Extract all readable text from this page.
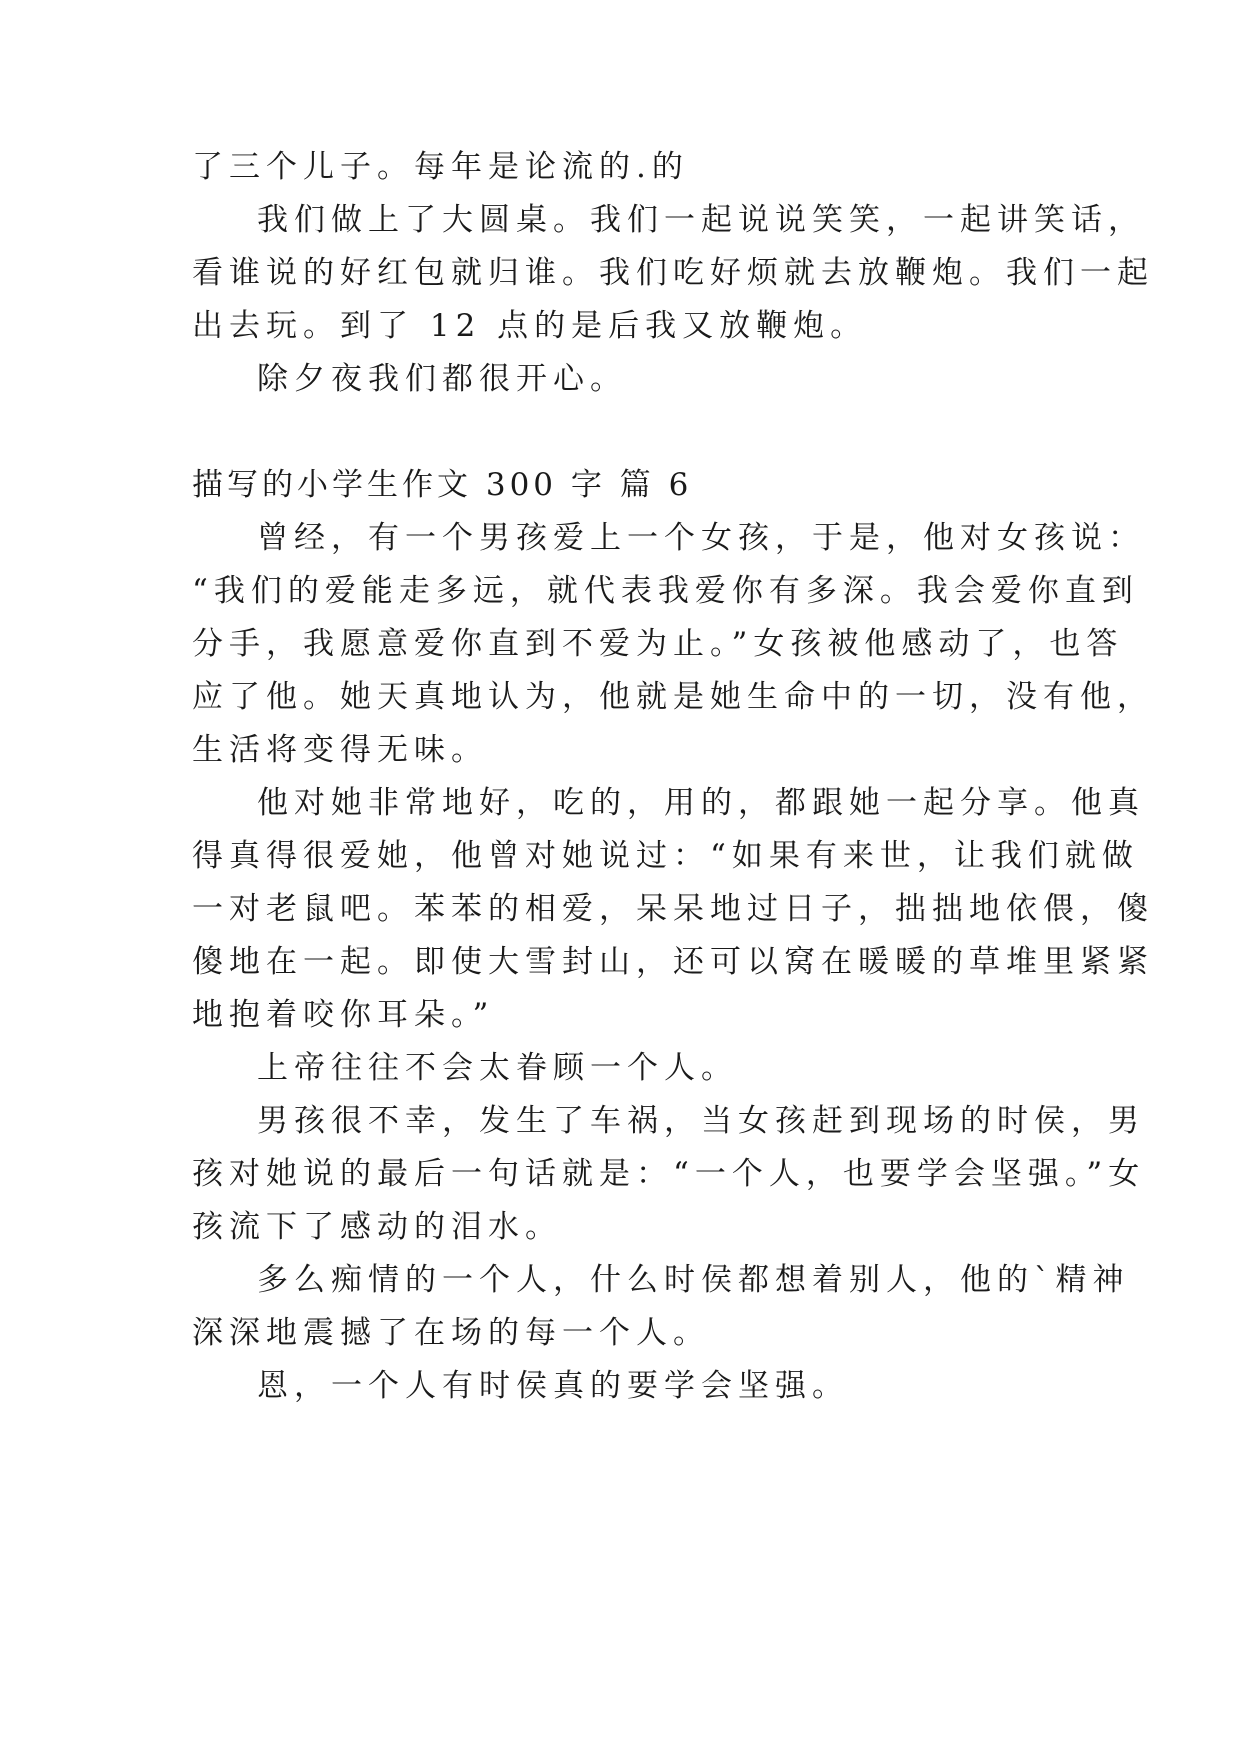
了三个儿子。每年是论流的.的
我们做上了大圆桌。我们一起说说笑笑，一起讲笑话，
看谁说的好红包就归谁。我们吃好烦就去放鞭炮。我们一起
出去玩。到了 12 点的是后我又放鞭炮。
除夕夜我们都很开心。
描写的小学生作文 300 字 篇 6
曾经，有一个男孩爱上一个女孩，于是，他对女孩说：
“我们的爱能走多远，就代表我爱你有多深。我会爱你直到
分手，我愿意爱你直到不爱为止。”女孩被他感动了，也答
应了他。她天真地认为，他就是她生命中的一切，没有他，
生活将变得无味。
他对她非常地好，吃的，用的，都跟她一起分享。他真
得真得很爱她，他曾对她说过：“如果有来世，让我们就做
一对老鼠吧。苯苯的相爱，呆呆地过日子，拙拙地依偎，傻
傻地在一起。即使大雪封山，还可以窝在暖暖的草堆里紧紧
地抱着咬你耳朵。”
上帝往往不会太眷顾一个人。
男孩很不幸，发生了车祸，当女孩赶到现场的时侯，男
孩对她说的最后一句话就是：“一个人，也要学会坚强。”女
孩流下了感动的泪水。
多么痴情的一个人，什么时侯都想着别人，他的`精神
深深地震撼了在场的每一个人。
恩，一个人有时侯真的要学会坚强。
